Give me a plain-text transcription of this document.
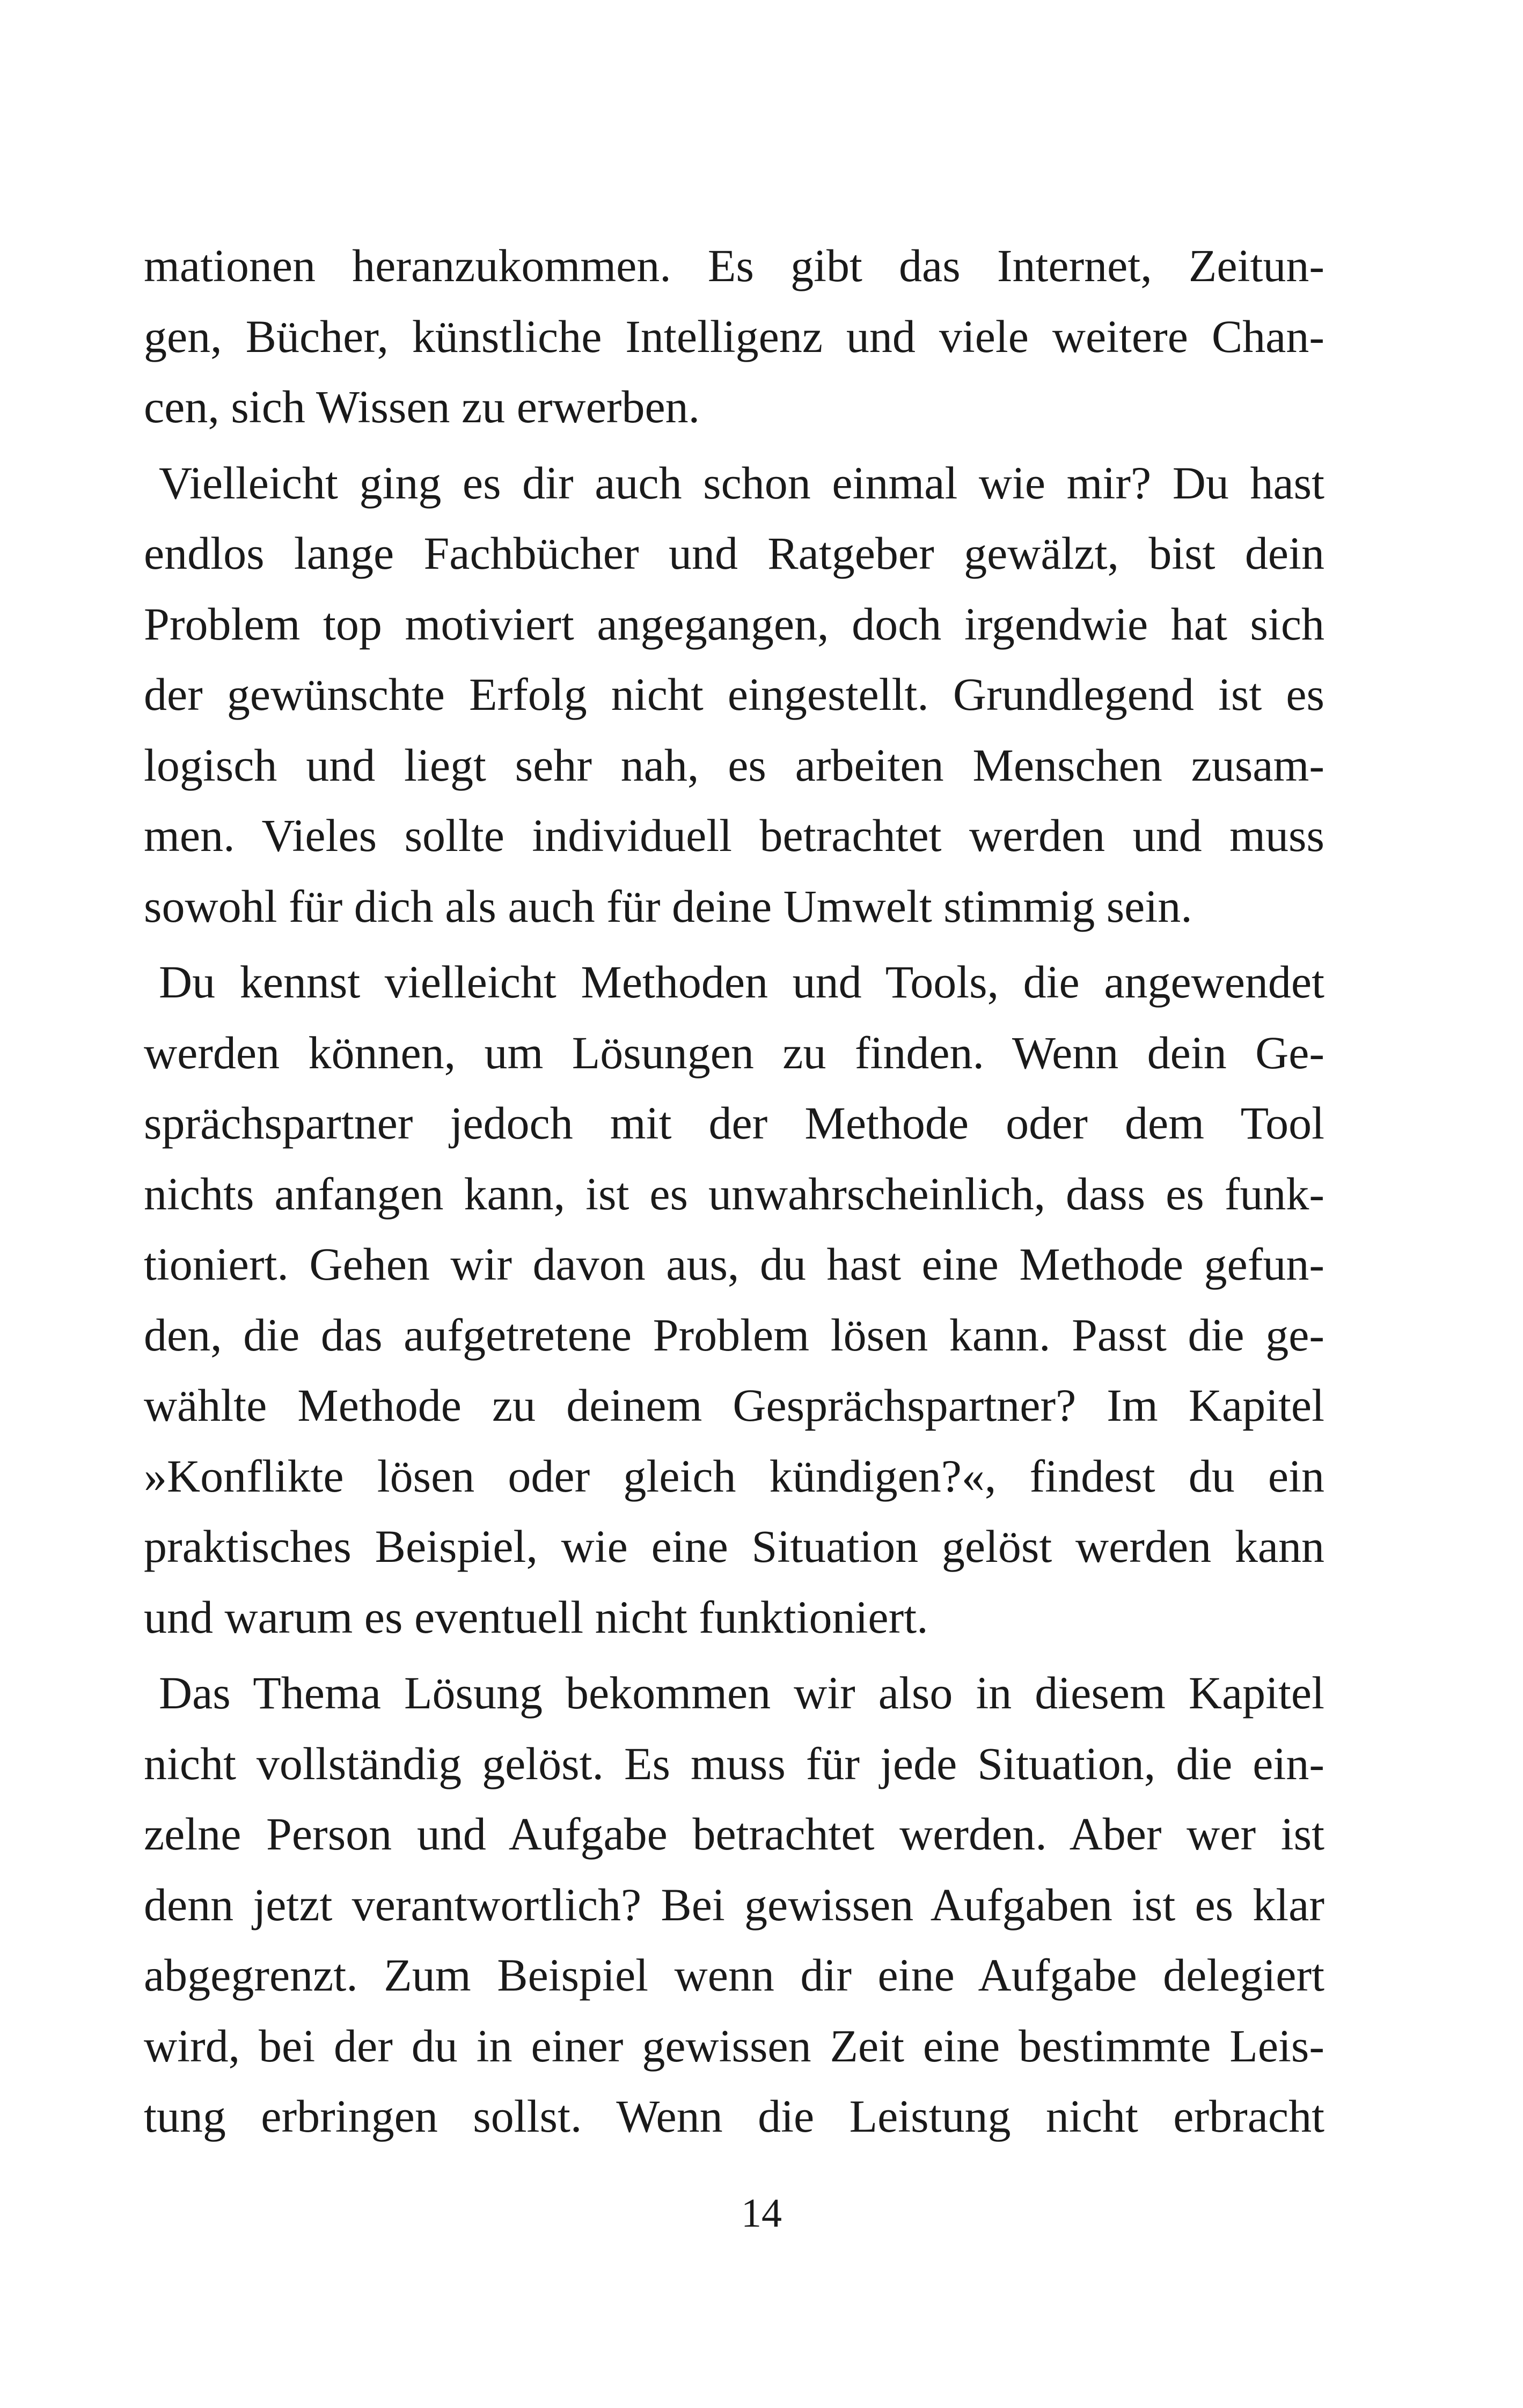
mationen heranzukommen. Es gibt das Internet, Zeitun-
gen, Bücher, künstliche Intelligenz und viele weitere Chan-
cen, sich Wissen zu erwerben.
Vielleicht ging es dir auch schon einmal wie mir? Du hast
endlos lange Fachbücher und Ratgeber gewälzt, bist dein
Problem top motiviert angegangen, doch irgendwie hat sich
der gewünschte Erfolg nicht eingestellt. Grundlegend ist es
logisch und liegt sehr nah, es arbeiten Menschen zusam-
men. Vieles sollte individuell betrachtet werden und muss
sowohl für dich als auch für deine Umwelt stimmig sein.
Du kennst vielleicht Methoden und Tools, die angewendet
werden können, um Lösungen zu finden. Wenn dein Ge-
sprächspartner jedoch mit der Methode oder dem Tool
nichts anfangen kann, ist es unwahrscheinlich, dass es funk-
tioniert. Gehen wir davon aus, du hast eine Methode gefun-
den, die das aufgetretene Problem lösen kann. Passt die ge-
wählte Methode zu deinem Gesprächspartner? Im Kapitel
»Konflikte lösen oder gleich kündigen?«, findest du ein
praktisches Beispiel, wie eine Situation gelöst werden kann
und warum es eventuell nicht funktioniert.
Das Thema Lösung bekommen wir also in diesem Kapitel
nicht vollständig gelöst. Es muss für jede Situation, die ein-
zelne Person und Aufgabe betrachtet werden. Aber wer ist
denn jetzt verantwortlich? Bei gewissen Aufgaben ist es klar
abgegrenzt. Zum Beispiel wenn dir eine Aufgabe delegiert
wird, bei der du in einer gewissen Zeit eine bestimmte Leis-
tung erbringen sollst. Wenn die Leistung nicht erbracht
14
